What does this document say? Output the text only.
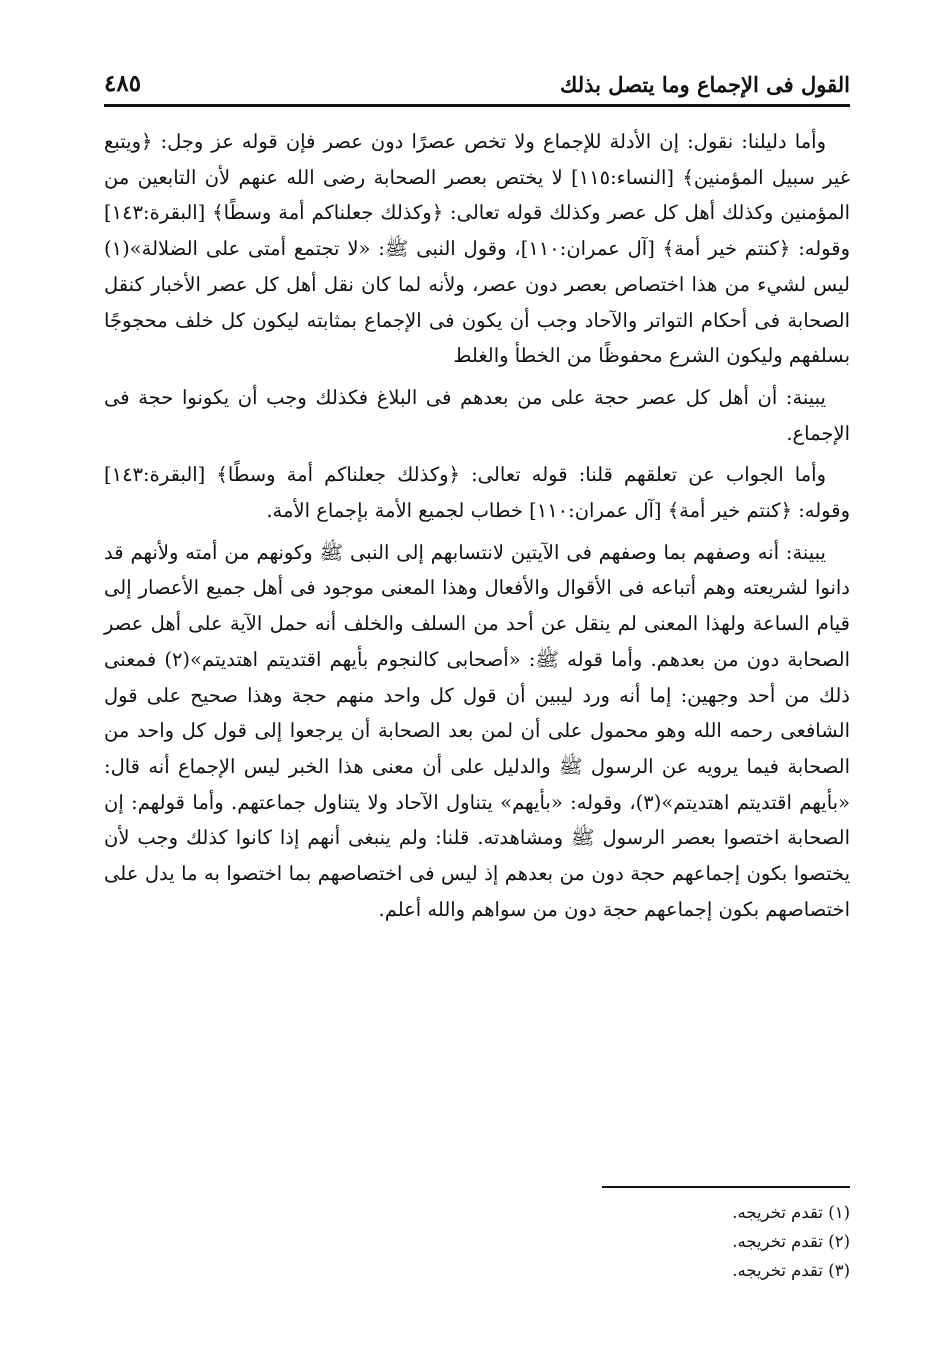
القول فى الإجماع وما يتصل بذلك
٤٨٥

وأما دليلنا: نقول: إن الأدلة للإجماع ولا تخص عصرًا دون عصر فإن قوله عز وجل: ﴿ويتبع غير سبيل المؤمنين﴾ [النساء:١١٥] لا يختص بعصر الصحابة رضى الله عنهم لأن التابعين من المؤمنين وكذلك أهل كل عصر وكذلك قوله تعالى: ﴿وكذلك جعلناكم أمة وسطًا﴾ [البقرة:١٤٣] وقوله: ﴿كنتم خير أمة﴾ [آل عمران:١١٠]، وقول النبى ﷺ: «لا تجتمع أمتى على الضلالة»(١) ليس لشيء من هذا اختصاص بعصر دون عصر، ولأنه لما كان نقل أهل كل عصر الأخبار كنقل الصحابة فى أحكام التواتر والآحاد وجب أن يكون فى الإجماع بمثابته ليكون كل خلف محجوجًا بسلفهم وليكون الشرع محفوظًا من الخطأ والغلط

يبينة: أن أهل كل عصر حجة على من بعدهم فى البلاغ فكذلك وجب أن يكونوا حجة فى الإجماع.

وأما الجواب عن تعلقهم قلنا: قوله تعالى: ﴿وكذلك جعلناكم أمة وسطًا﴾ [البقرة:١٤٣] وقوله: ﴿كنتم خير أمة﴾ [آل عمران:١١٠] خطاب لجميع الأمة بإجماع الأمة.

يبينة: أنه وصفهم بما وصفهم فى الآيتين لانتسابهم إلى النبى ﷺ وكونهم من أمته ولأنهم قد دانوا لشريعته وهم أتباعه فى الأقوال والأفعال وهذا المعنى موجود فى أهل جميع الأعصار إلى قيام الساعة ولهذا المعنى لم ينقل عن أحد من السلف والخلف أنه حمل الآية على أهل عصر الصحابة دون من بعدهم. وأما قوله ﷺ: «أصحابى كالنجوم بأيهم اقتديتم اهتديتم»(٢) فمعنى ذلك من أحد وجهين: إما أنه ورد ليبين أن قول كل واحد منهم حجة وهذا صحيح على قول الشافعى رحمه الله وهو محمول على أن لمن بعد الصحابة أن يرجعوا إلى قول كل واحد من الصحابة فيما يرويه عن الرسول ﷺ والدليل على أن معنى هذا الخبر ليس الإجماع أنه قال: «بأيهم اقتديتم اهتديتم»(٣)، وقوله: «بأيهم» يتناول الآحاد ولا يتناول جماعتهم. وأما قولهم: إن الصحابة اختصوا بعصر الرسول ﷺ ومشاهدته. قلنا: ولم ينبغى أنهم إذا كانوا كذلك وجب لأن يختصوا بكون إجماعهم حجة دون من بعدهم إذ ليس فى اختصاصهم بما اختصوا به ما يدل على اختصاصهم بكون إجماعهم حجة دون من سواهم والله أعلم.

(١) تقدم تخريجه.
(٢) تقدم تخريجه.
(٣) تقدم تخريجه.
